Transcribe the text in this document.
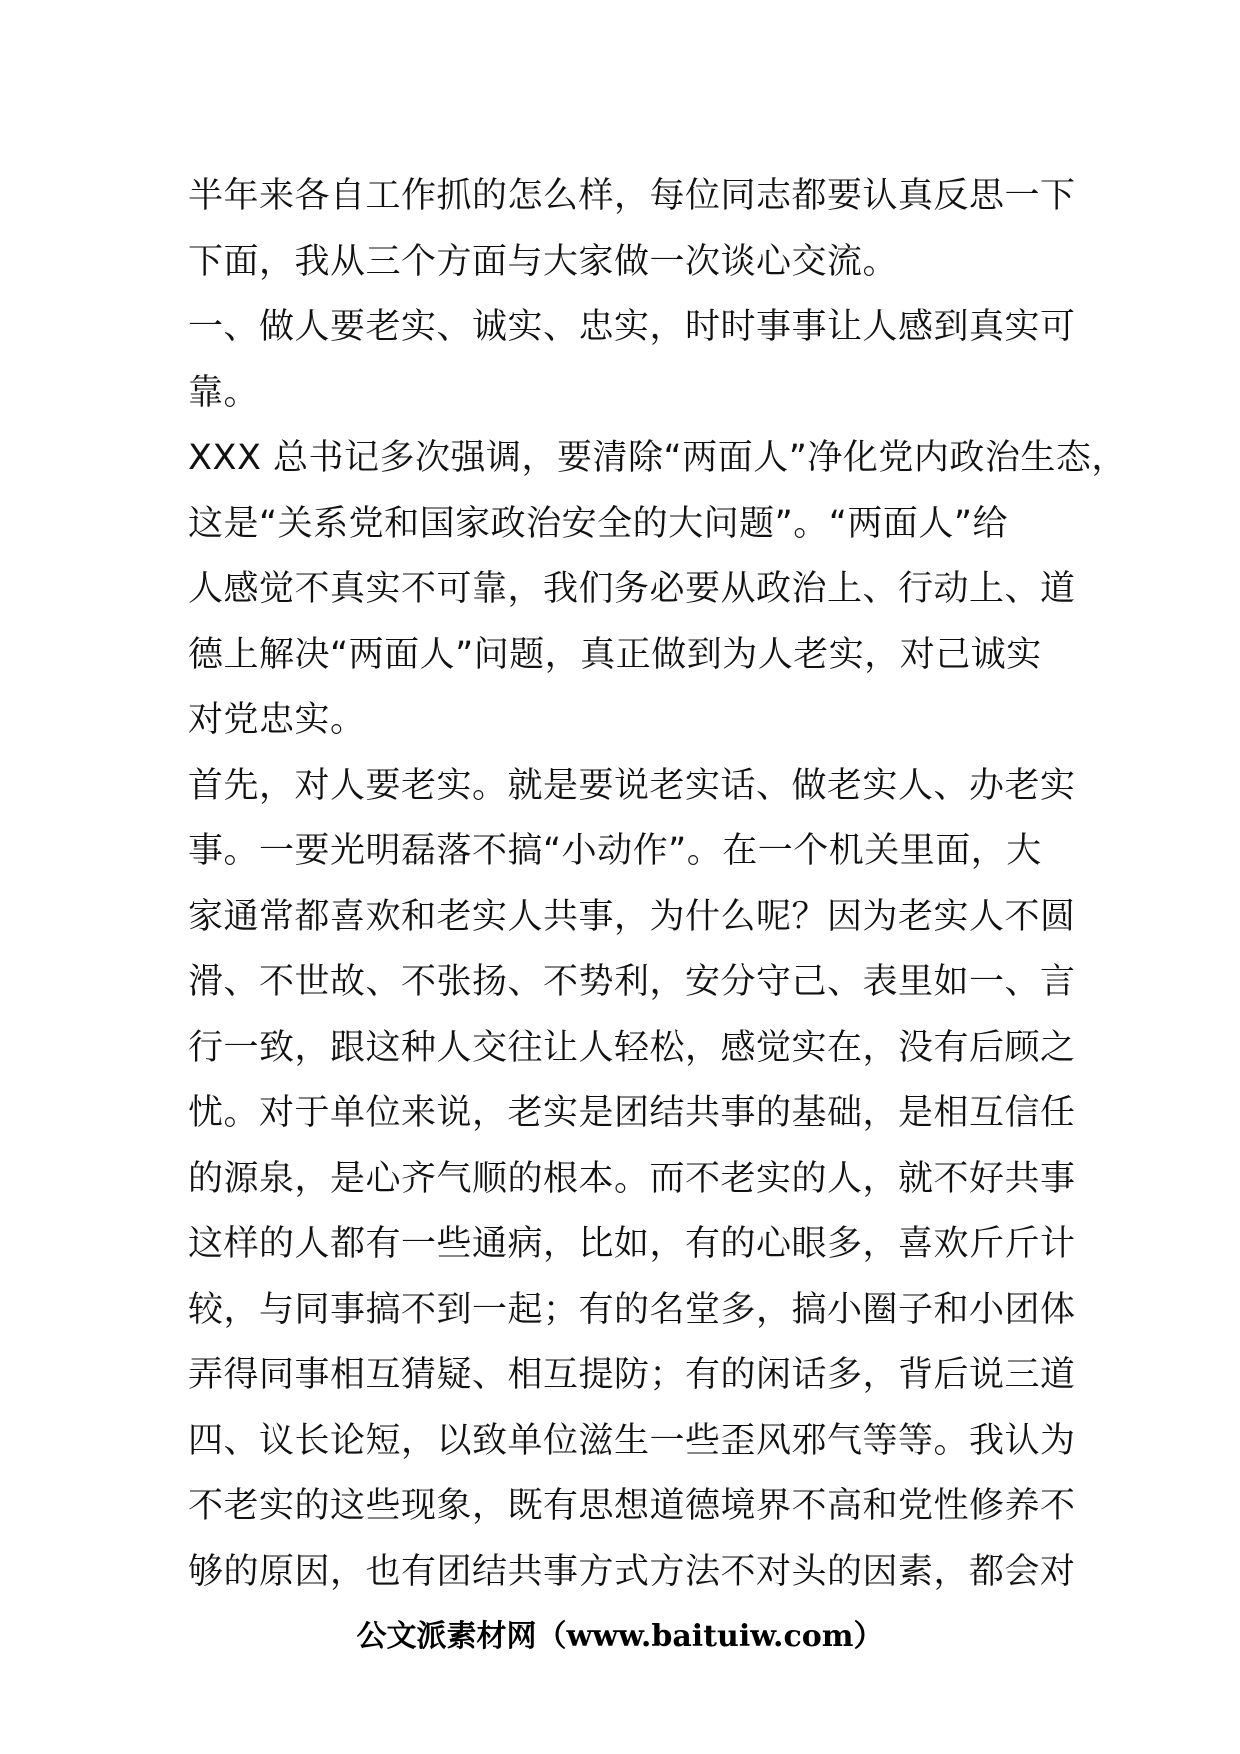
半年来各自工作抓的怎么样，每位同志都要认真反思一下
下面，我从三个方面与大家做一次谈心交流。
一、做人要老实、诚实、忠实，时时事事让人感到真实可
靠。
XXX 总书记多次强调，要清除“两面人”净化党内政治生态，
这是“关系党和国家政治安全的大问题”。“两面人”给
人感觉不真实不可靠，我们务必要从政治上、行动上、道
德上解决“两面人”问题，真正做到为人老实，对己诚实
对党忠实。
首先，对人要老实。就是要说老实话、做老实人、办老实
事。一要光明磊落不搞“小动作”。在一个机关里面，大
家通常都喜欢和老实人共事，为什么呢？因为老实人不圆
滑、不世故、不张扬、不势利，安分守己、表里如一、言
行一致，跟这种人交往让人轻松，感觉实在，没有后顾之
忧。对于单位来说，老实是团结共事的基础，是相互信任
的源泉，是心齐气顺的根本。而不老实的人，就不好共事
这样的人都有一些通病，比如，有的心眼多，喜欢斤斤计
较，与同事搞不到一起；有的名堂多，搞小圈子和小团体
弄得同事相互猜疑、相互提防；有的闲话多，背后说三道
四、议长论短，以致单位滋生一些歪风邪气等等。我认为
不老实的这些现象，既有思想道德境界不高和党性修养不
够的原因，也有团结共事方式方法不对头的因素，都会对
公文派素材网（www.baituiw.com）
